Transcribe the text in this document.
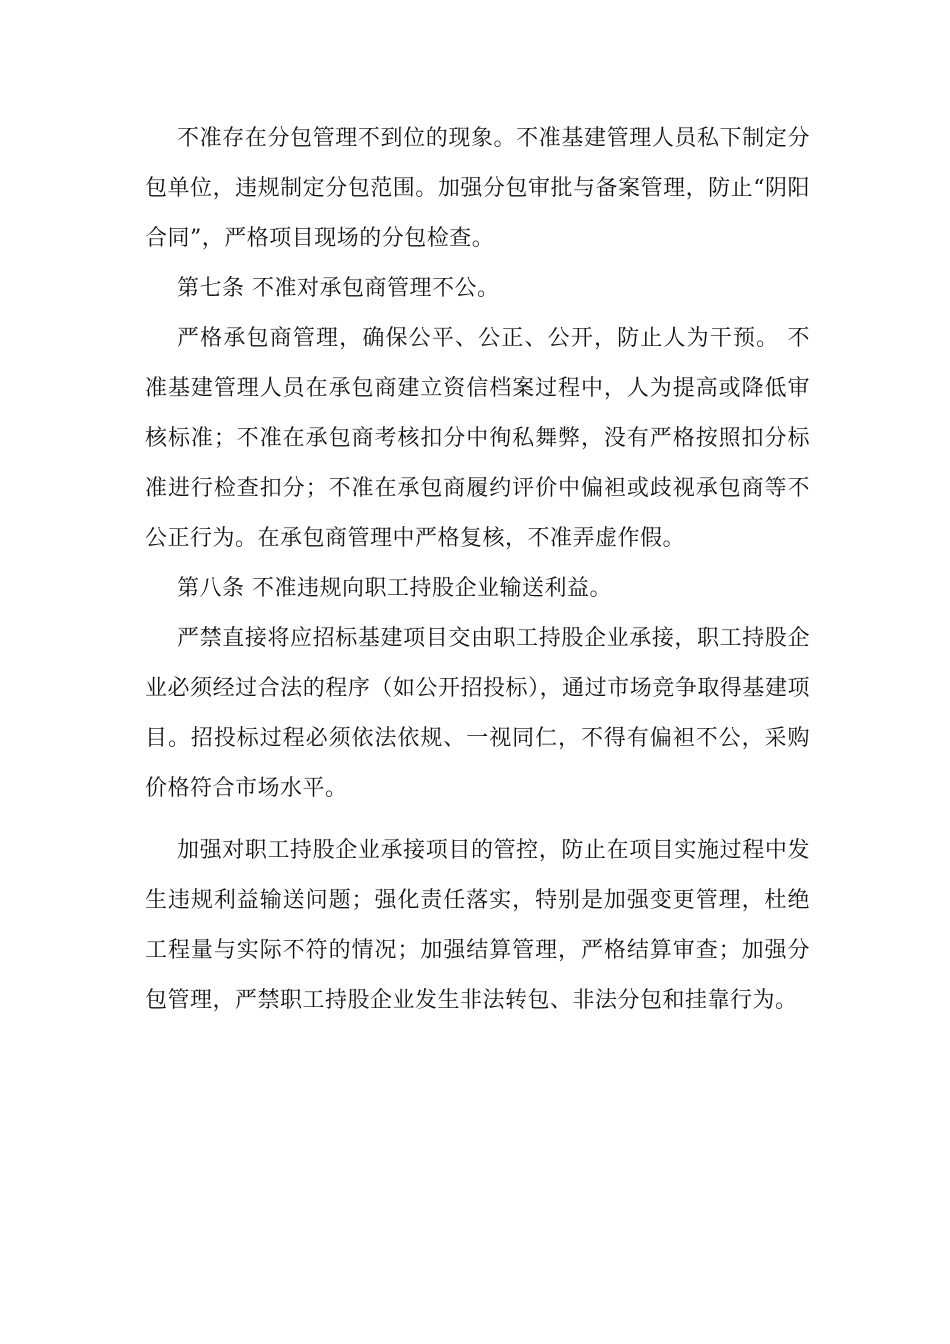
不准存在分包管理不到位的现象。不准基建管理人员私下制定分包单位，违规制定分包范围。加强分包审批与备案管理，防止“阴阳合同”，严格项目现场的分包检查。

第七条 不准对承包商管理不公。

严格承包商管理，确保公平、公正、公开，防止人为干预。 不准基建管理人员在承包商建立资信档案过程中，人为提高或降低审核标准；不准在承包商考核扣分中徇私舞弊，没有严格按照扣分标准进行检查扣分；不准在承包商履约评价中偏袒或歧视承包商等不公正行为。在承包商管理中严格复核，不准弄虚作假。

第八条 不准违规向职工持股企业输送利益。

严禁直接将应招标基建项目交由职工持股企业承接，职工持股企业必须经过合法的程序（如公开招投标），通过市场竞争取得基建项目。招投标过程必须依法依规、一视同仁，不得有偏袒不公，采购价格符合市场水平。

加强对职工持股企业承接项目的管控，防止在项目实施过程中发生违规利益输送问题；强化责任落实，特别是加强变更管理，杜绝工程量与实际不符的情况；加强结算管理，严格结算审查；加强分包管理，严禁职工持股企业发生非法转包、非法分包和挂靠行为。
